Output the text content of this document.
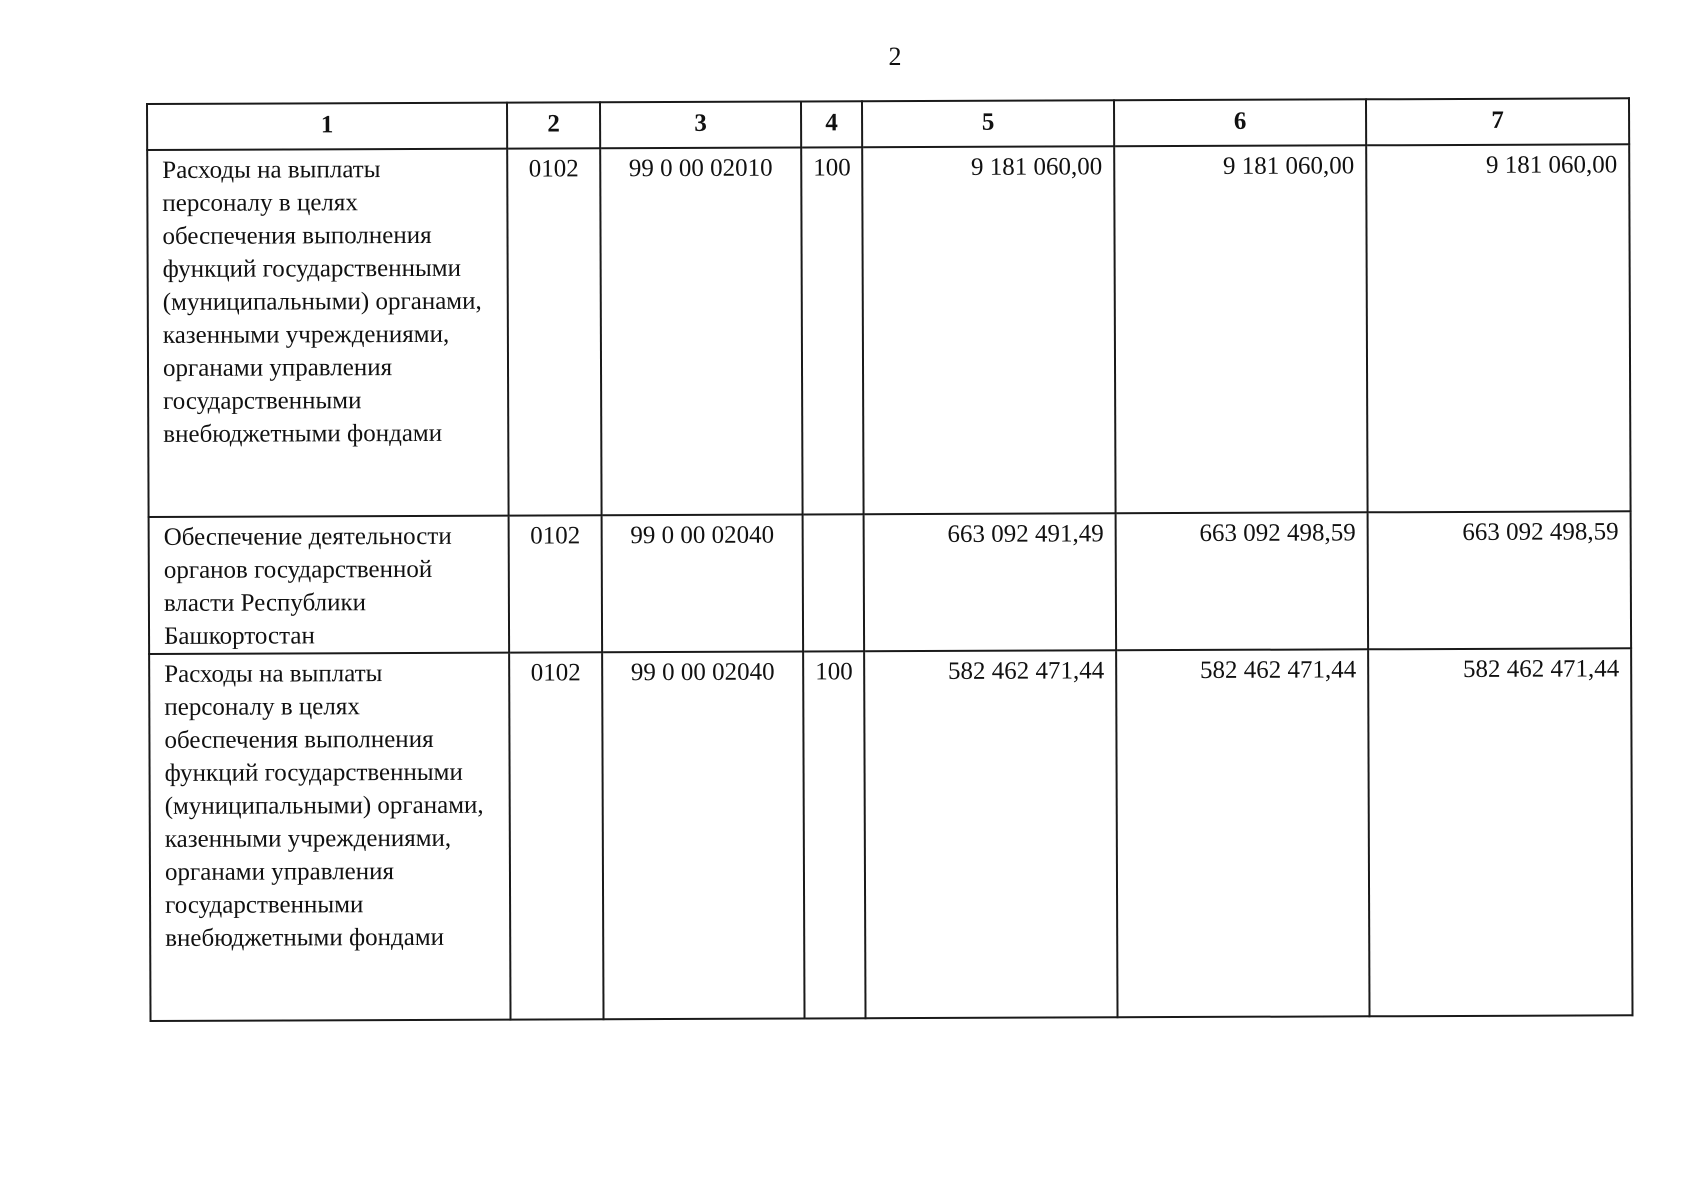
2
1	2	3	4	5	6	7
Расходы на выплаты персоналу в целях обеспечения выполнения функций государственными (муниципальными) органами, казенными учреждениями, органами управления государственными внебюджетными фондами	0102	99 0 00 02010	100	9 181 060,00	9 181 060,00	9 181 060,00
Обеспечение деятельности органов государственной власти Республики Башкортостан	0102	99 0 00 02040		663 092 491,49	663 092 498,59	663 092 498,59
Расходы на выплаты персоналу в целях обеспечения выполнения функций государственными (муниципальными) органами, казенными учреждениями, органами управления государственными внебюджетными фондами	0102	99 0 00 02040	100	582 462 471,44	582 462 471,44	582 462 471,44
